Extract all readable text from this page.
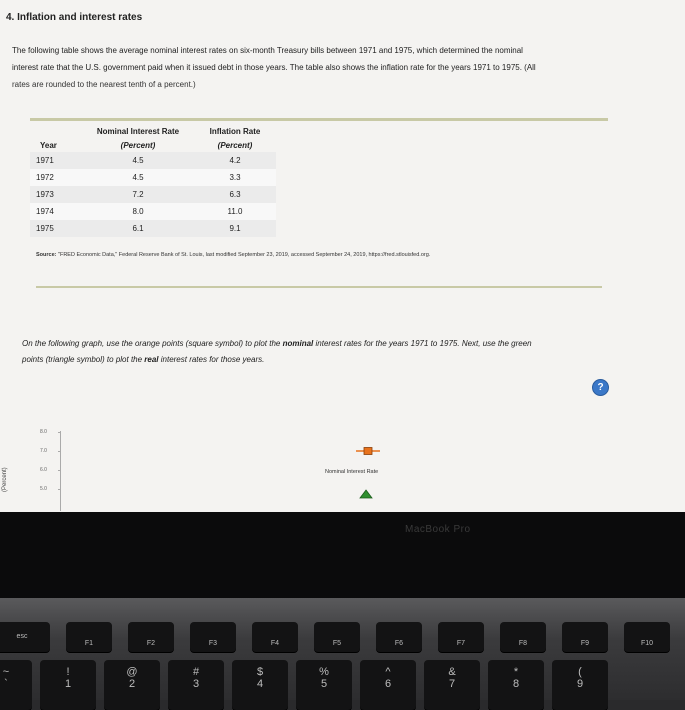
4. Inflation and interest rates
The following table shows the average nominal interest rates on six-month Treasury bills between 1971 and 1975, which determined the nominal
interest rate that the U.S. government paid when it issued debt in those years. The table also shows the inflation rate for the years 1971 to 1975. (All
rates are rounded to the nearest tenth of a percent.)
	Nominal Interest Rate	Inflation Rate
Year	(Percent)	(Percent)
1971	4.5	4.2
1972	4.5	3.3
1973	7.2	6.3
1974	8.0	11.0
1975	6.1	9.1
Source: "FRED Economic Data," Federal Reserve Bank of St. Louis, last modified September 23, 2019, accessed September 24, 2019, https://fred.stlouisfed.org.
On the following graph, use the orange points (square symbol) to plot the nominal interest rates for the years 1971 to 1975. Next, use the green
points (triangle symbol) to plot the real interest rates for those years.
?
8.0
7.0
6.0
5.0
(Percent)	Nominal Interest Rate
MacBook Pro
esc
F1	F2	F3	F4	F5	F6	F7	F8	F9	F10
~
`
!
1
@
2
#
3
$
4
%
5
^
6
&
7
*
8
(
9
